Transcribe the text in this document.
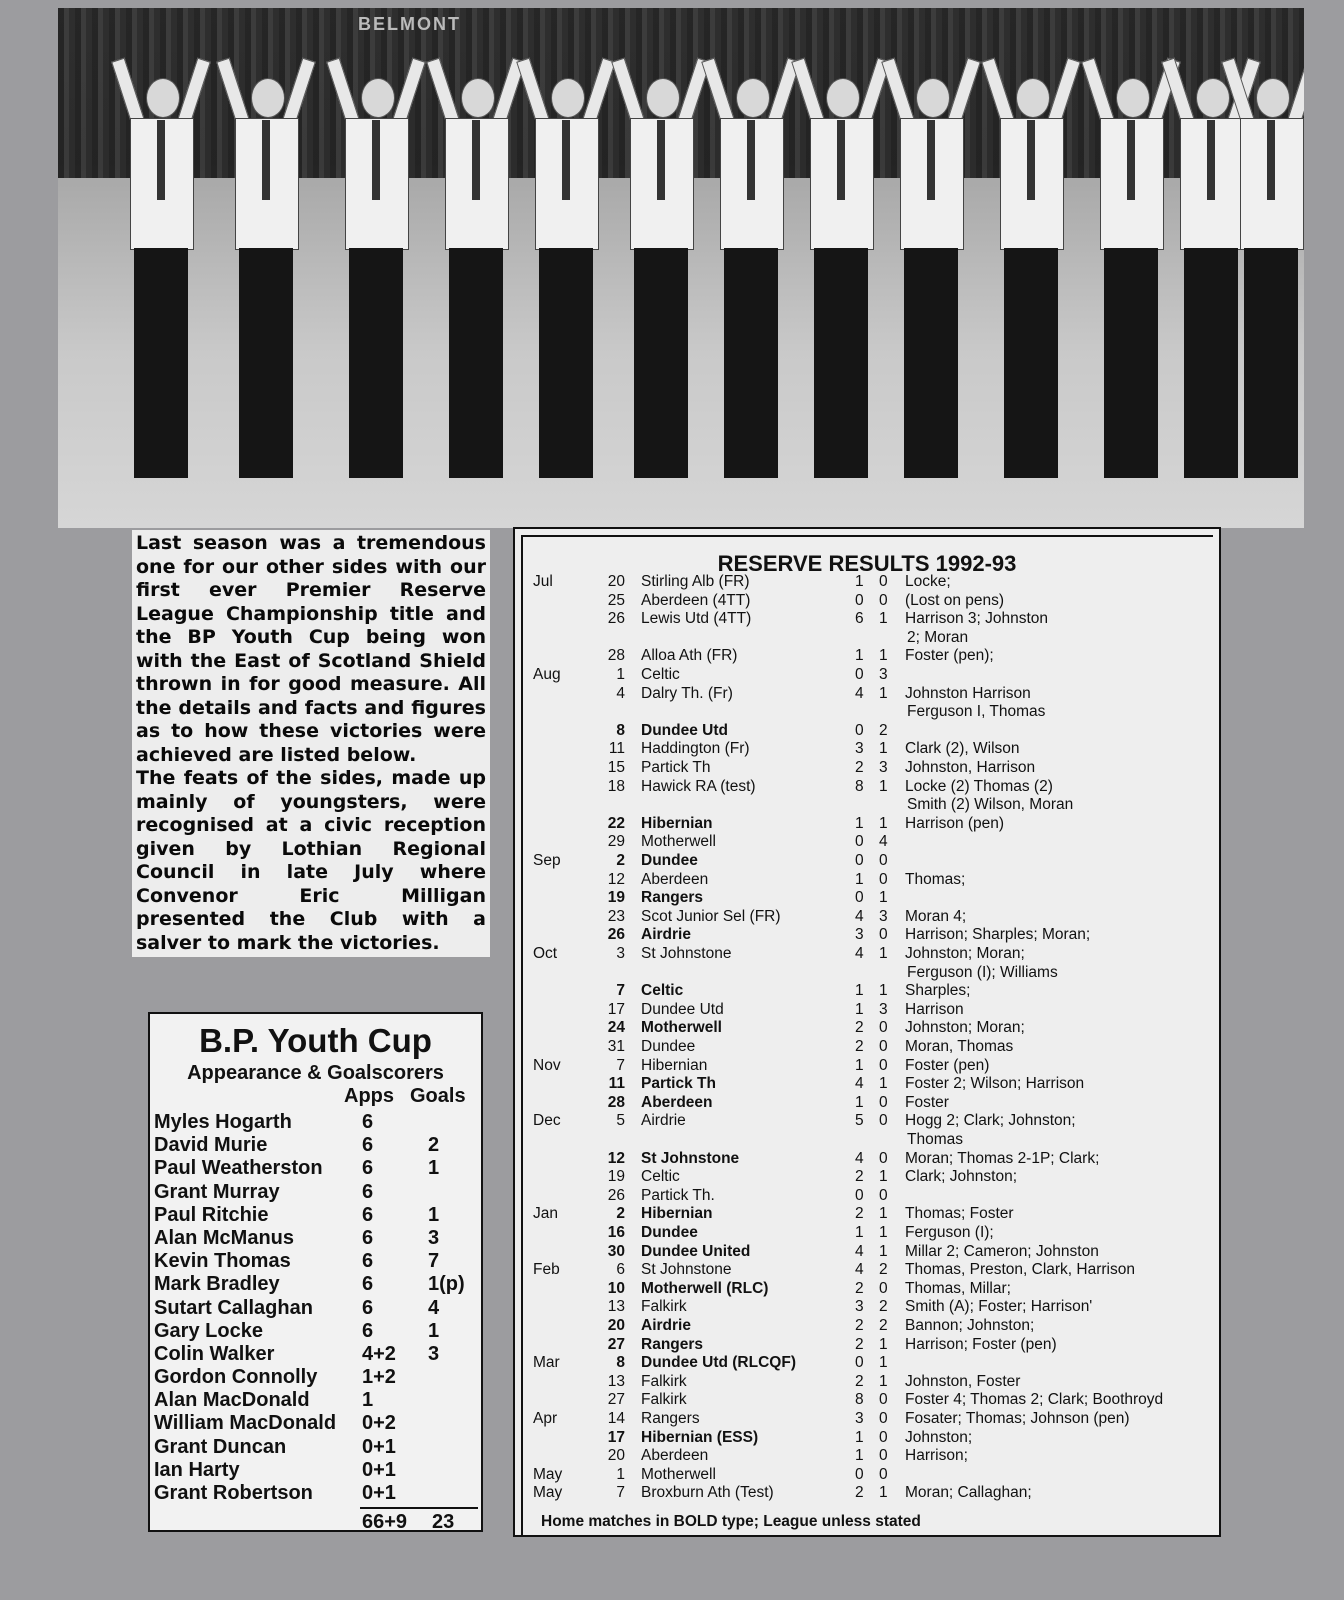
BELMONT

Last season was a tremendous one for our other sides with our first ever Premier Reserve League Championship title and the BP Youth Cup being won with the East of Scotland Shield thrown in for good measure. All the details and facts and figures as to how these victories were achieved are listed below.

The feats of the sides, made up mainly of youngsters, were recognised at a civic reception given by Lothian Regional Council in late July where Convenor Eric Milligan presented the Club with a salver to mark the victories.

B.P. Youth Cup
Appearance & Goalscorers
Apps Goals
Myles Hogarth	6
David Murie	6	2
Paul Weatherston 6	1
Grant Murray	6
Paul Ritchie	6	1
Alan McManus	6	3
Kevin Thomas	6	7
Mark Bradley	6	1(p)
Sutart Callaghan 6	4
Gary Locke	6	1
Colin Walker	4+2 3
Gordon Connolly 1+2
Alan MacDonald	1
William MacDonald 0+2
Grant Duncan	0+1
Ian Harty	0+1
Grant Robertson 0+1
66+9 23
RESERVE RESULTS 1992-93
Jul	20 Stirling Alb (FR)	1 0 Locke;
25 Aberdeen (4TT)	0 0 (Lost on pens)
26 Lewis Utd (4TT)	6 1 Harrison 3; Johnston
2; Moran
28 Alloa Ath (FR)	1 1 Foster (pen);
Aug	1 Celtic	0 3
4 Dalry Th. (Fr)	4 1 Johnston Harrison
Ferguson I, Thomas
8 Dundee Utd	0 2
11 Haddington (Fr)	3 1 Clark (2), Wilson
15 Partick Th	2 3 Johnston, Harrison
18 Hawick RA (test)	8 1 Locke (2) Thomas (2)
Smith (2) Wilson, Moran
22 Hibernian	1 1 Harrison (pen)
29 Motherwell	0 4
Sep	2 Dundee	0 0
12 Aberdeen	1 0 Thomas;
19 Rangers	0 1
23 Scot Junior Sel (FR)	4 3 Moran 4;
26 Airdrie	3 0 Harrison; Sharples; Moran;
Oct	3 St Johnstone	4 1 Johnston; Moran;
Ferguson (I); Williams
7 Celtic	1 1 Sharples;
17 Dundee Utd	1 3 Harrison
24 Motherwell	2 0 Johnston; Moran;
31 Dundee	2 0 Moran, Thomas
Nov	7 Hibernian	1 0 Foster (pen)
11 Partick Th	4 1 Foster 2; Wilson; Harrison
28 Aberdeen	1 0 Foster
Dec	5 Airdrie	5 0 Hogg 2; Clark; Johnston;
Thomas
12 St Johnstone	4 0 Moran; Thomas 2-1P; Clark;
19 Celtic	2 1 Clark; Johnston;
26 Partick Th.	0 0
Jan	2 Hibernian	2 1 Thomas; Foster
16 Dundee	1 1 Ferguson (I);
30 Dundee United	4 1 Millar 2; Cameron; Johnston
Feb	6 St Johnstone	4 2 Thomas, Preston, Clark, Harrison
10 Motherwell (RLC)	2 0 Thomas, Millar;
13 Falkirk	3 2 Smith (A); Foster; Harrison'
20 Airdrie	2 2 Bannon; Johnston;
27 Rangers	2 1 Harrison; Foster (pen)
Mar	8 Dundee Utd (RLCQF)	0 1
13 Falkirk	2 1 Johnston, Foster
27 Falkirk	8 0 Foster 4; Thomas 2; Clark; Boothroyd
Apr	14 Rangers	3 0 Fosater; Thomas; Johnson (pen)
17 Hibernian (ESS)	1 0 Johnston;
20 Aberdeen	1 0 Harrison;
May	1 Motherwell	0 0
May	7 Broxburn Ath (Test)	2 1 Moran; Callaghan;
Home matches in BOLD type; League unless stated
